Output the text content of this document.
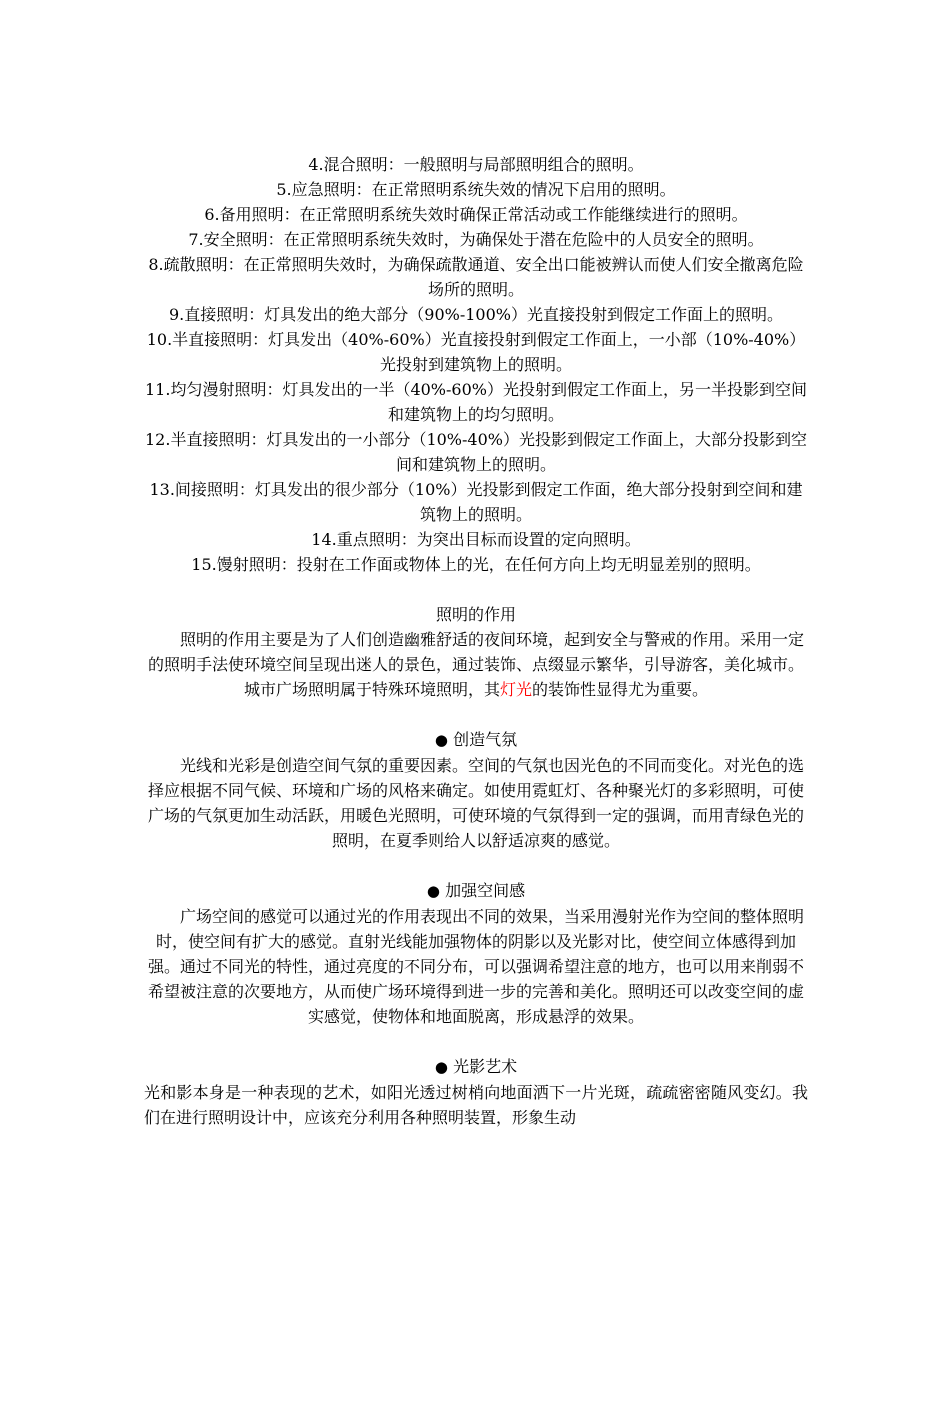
4.混合照明：一般照明与局部照明组合的照明。

5.应急照明：在正常照明系统失效的情况下启用的照明。

6.备用照明：在正常照明系统失效时确保正常活动或工作能继续进行的照明。

7.安全照明：在正常照明系统失效时，为确保处于潜在危险中的人员安全的照明。

8.疏散照明：在正常照明失效时，为确保疏散通道、安全出口能被辨认而使人们安全撤离危险场所的照明。

9.直接照明：灯具发出的绝大部分（90%-100%）光直接投射到假定工作面上的照明。

10.半直接照明：灯具发出（40%-60%）光直接投射到假定工作面上，一小部（10%-40%）光投射到建筑物上的照明。

11.均匀漫射照明：灯具发出的一半（40%-60%）光投射到假定工作面上，另一半投影到空间和建筑物上的均匀照明。

12.半直接照明：灯具发出的一小部分（10%-40%）光投影到假定工作面上，大部分投影到空间和建筑物上的照明。

13.间接照明：灯具发出的很少部分（10%）光投影到假定工作面，绝大部分投射到空间和建筑物上的照明。

14.重点照明：为突出目标而设置的定向照明。

15.馒射照明：投射在工作面或物体上的光，在任何方向上均无明显差别的照明。

照明的作用

照明的作用主要是为了人们创造幽雅舒适的夜间环境，起到安全与警戒的作用。采用一定的照明手法使环境空间呈现出迷人的景色，通过装饰、点缀显示繁华，引导游客，美化城市。城市广场照明属于特殊环境照明，其灯光的装饰性显得尤为重要。

● 创造气氛

光线和光彩是创造空间气氛的重要因素。空间的气氛也因光色的不同而变化。对光色的选择应根据不同气候、环境和广场的风格来确定。如使用霓虹灯、各种聚光灯的多彩照明，可使广场的气氛更加生动活跃，用暖色光照明，可使环境的气氛得到一定的强调，而用青绿色光的照明，在夏季则给人以舒适凉爽的感觉。

● 加强空间感

广场空间的感觉可以通过光的作用表现出不同的效果，当采用漫射光作为空间的整体照明时，使空间有扩大的感觉。直射光线能加强物体的阴影以及光影对比，使空间立体感得到加强。通过不同光的特性，通过亮度的不同分布，可以强调希望注意的地方，也可以用来削弱不希望被注意的次要地方，从而使广场环境得到进一步的完善和美化。照明还可以改变空间的虚实感觉，使物体和地面脱离，形成悬浮的效果。

● 光影艺术

光和影本身是一种表现的艺术，如阳光透过树梢向地面洒下一片光斑，疏疏密密随风变幻。我们在进行照明设计中，应该充分利用各种照明装置，形象生动
